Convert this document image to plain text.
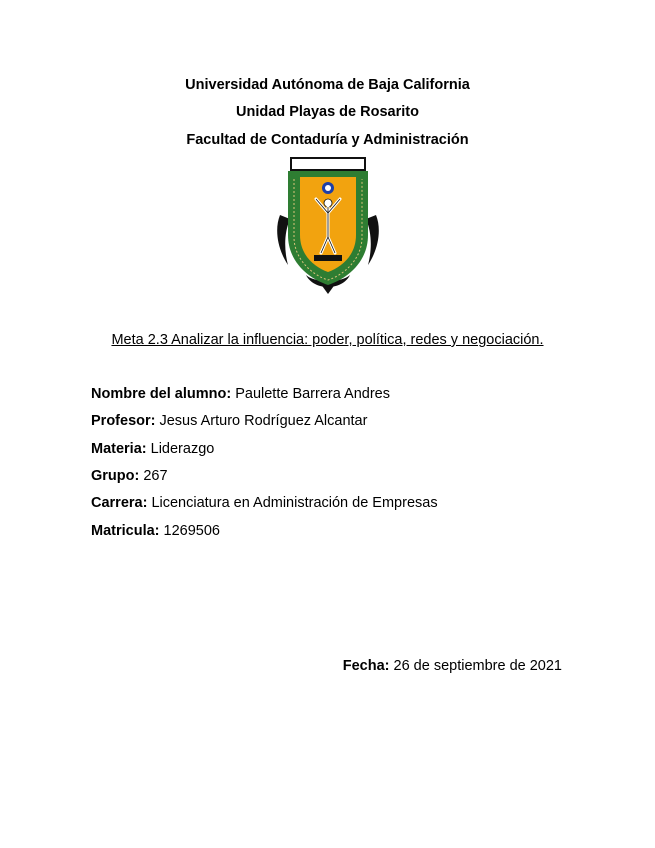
Universidad Autónoma de Baja California
Unidad Playas de Rosarito
Facultad de Contaduría y Administración
Meta 2.3 Analizar la influencia: poder, política, redes y negociación.
Nombre del alumno: Paulette Barrera Andres
Profesor: Jesus Arturo Rodríguez Alcantar
Materia: Liderazgo
Grupo: 267
Carrera: Licenciatura en Administración de Empresas
Matricula: 1269506
Fecha: 26 de septiembre de 2021
